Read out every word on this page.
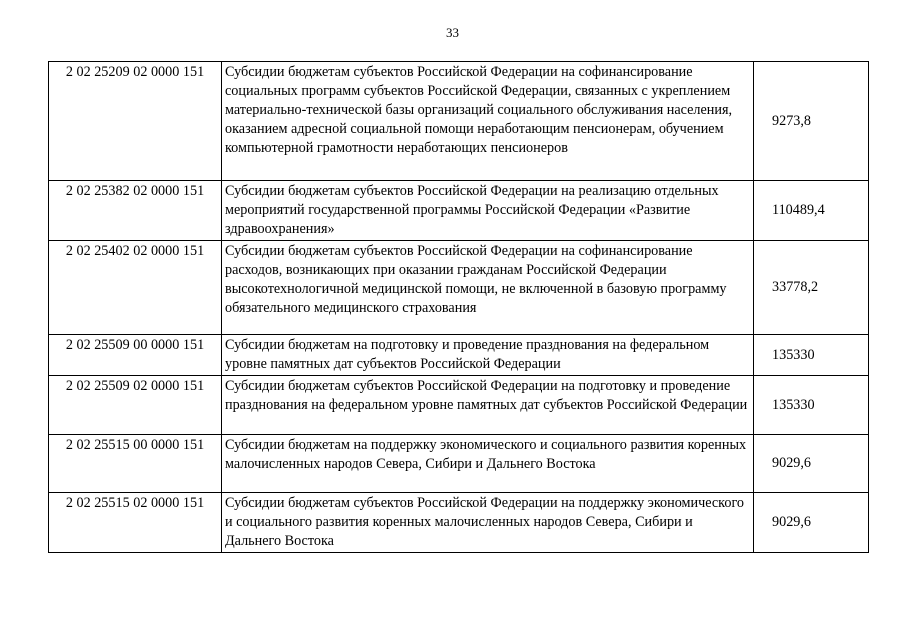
33
2 02 25209 02 0000 151	Субсидии бюджетам субъектов Российской Федерации на софинансирование социальных программ субъектов Российской Федерации, связанных с укреплением материально-технической базы организаций социального обслуживания населения, оказанием адресной социальной помощи неработающим пенсионерам, обучением компьютерной грамотности неработающих пенсионеров	9273,8
2 02 25382 02 0000 151	Субсидии бюджетам субъектов Российской Федерации на реализацию отдельных мероприятий государственной программы Российской Федерации «Развитие здравоохранения»	110489,4
2 02 25402 02 0000 151	Субсидии бюджетам субъектов Российской Федерации на софинансирование расходов, возникающих при оказании гражданам Российской Федерации высокотехнологичной медицинской помощи, не включенной в базовую программу обязательного медицинского страхования	33778,2
2 02 25509 00 0000 151	Субсидии бюджетам на подготовку и проведение празднования на федеральном уровне памятных дат субъектов Российской Федерации	135330
2 02 25509 02 0000 151	Субсидии бюджетам субъектов Российской Федерации на подготовку и проведение празднования на федеральном уровне памятных дат субъектов Российской Федерации	135330
2 02 25515 00 0000 151	Субсидии бюджетам на поддержку экономического и социального развития коренных малочисленных народов Севера, Сибири и Дальнего Востока	9029,6
2 02 25515 02 0000 151	Субсидии бюджетам субъектов Российской Федерации на поддержку экономического и социального развития коренных малочисленных народов Севера, Сибири и Дальнего Востока	9029,6
